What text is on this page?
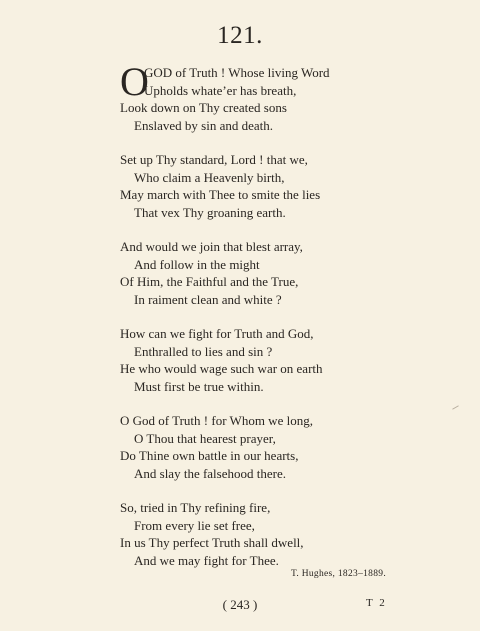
121.
O
GOD of Truth ! Whose living Word
Upholds whate’er has breath,
Look down on Thy created sons
Enslaved by sin and death.
Set up Thy standard, Lord ! that we,
Who claim a Heavenly birth,
May march with Thee to smite the lies
That vex Thy groaning earth.
And would we join that blest array,
And follow in the might
Of Him, the Faithful and the True,
In raiment clean and white ?
How can we fight for Truth and God,
Enthralled to lies and sin ?
He who would wage such war on earth
Must first be true within.
O God of Truth ! for Whom we long,
O Thou that hearest prayer,
Do Thine own battle in our hearts,
And slay the falsehood there.
So, tried in Thy refining fire,
From every lie set free,
In us Thy perfect Truth shall dwell,
And we may fight for Thee.
T. Hughes, 1823–1889.
( 243 )	T 2
